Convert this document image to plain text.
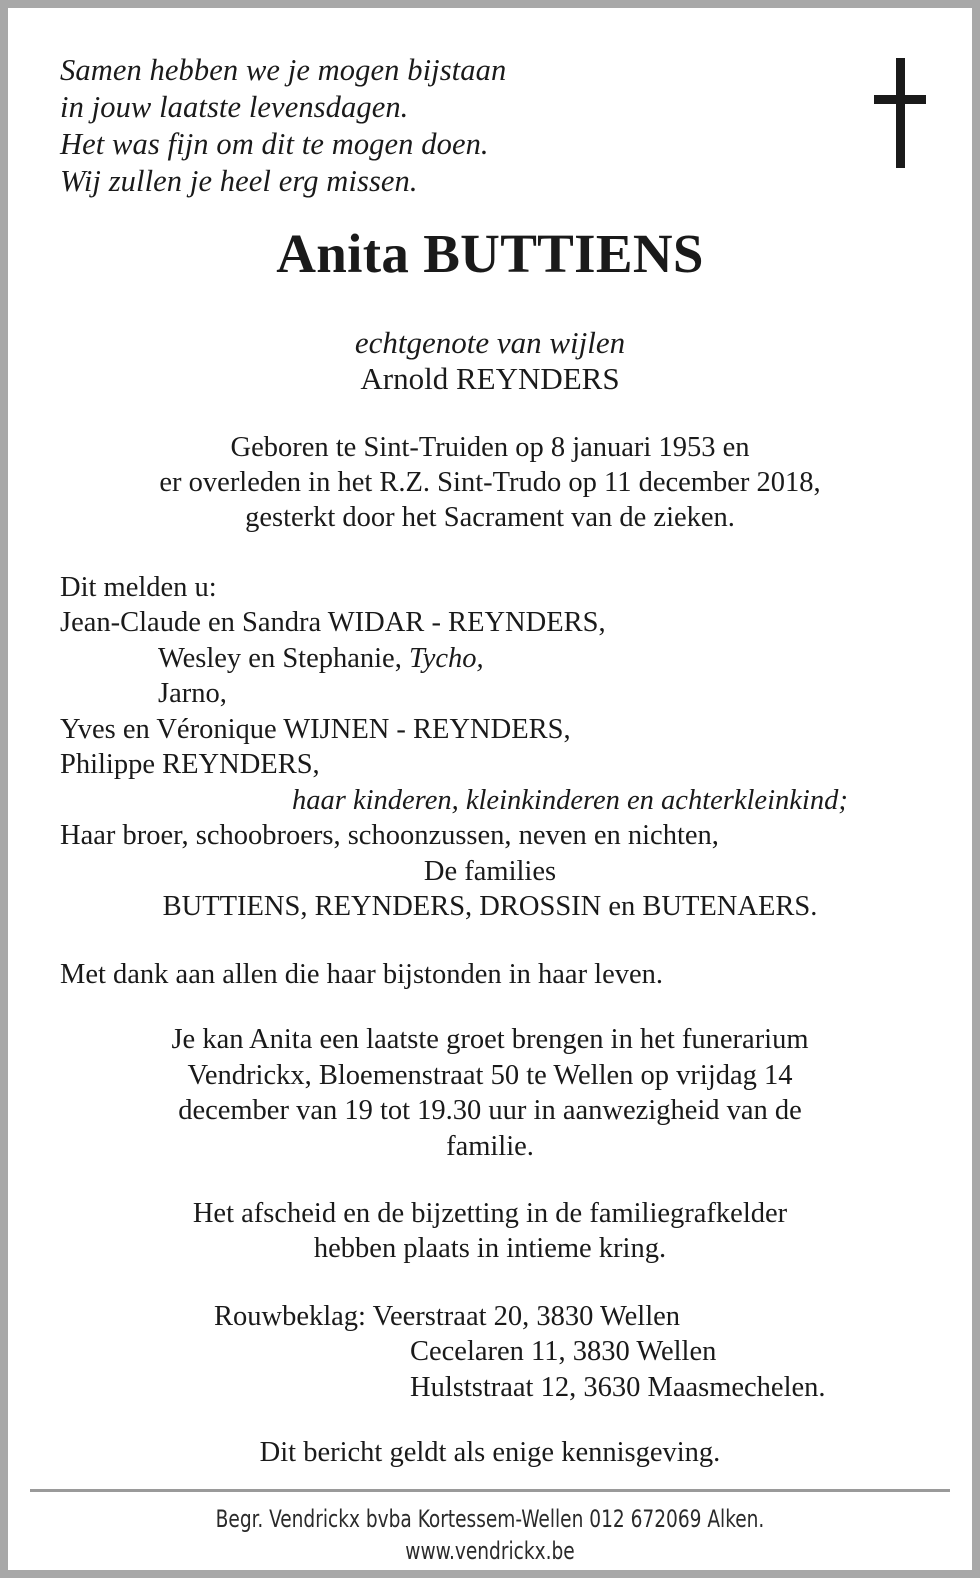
Samen hebben we je mogen bijstaan in jouw laatste levensdagen. Het was fijn om dit te mogen doen. Wij zullen je heel erg missen.
Anita BUTTIENS
echtgenote van wijlen
Arnold REYNDERS
Geboren te Sint-Truiden op 8 januari 1953 en
er overleden in het R.Z. Sint-Trudo op 11 december 2018,
gesterkt door het Sacrament van de zieken.
Dit melden u:
Jean-Claude en Sandra WIDAR - REYNDERS,
Wesley en Stephanie, Tycho,
Jarno,
Yves en Véronique WIJNEN - REYNDERS,
Philippe REYNDERS,
haar kinderen, kleinkinderen en achterkleinkind;
Haar broer, schoobroers, schoonzussen, neven en nichten,
De families
BUTTIENS, REYNDERS, DROSSIN en BUTENAERS.
Met dank aan allen die haar bijstonden in haar leven.
Je kan Anita een laatste groet brengen in het funerarium
Vendrickx, Bloemenstraat 50 te Wellen op vrijdag 14
december van 19 tot 19.30 uur in aanwezigheid van de
familie.
Het afscheid en de bijzetting in de familiegrafkelder
hebben plaats in intieme kring.
Rouwbeklag: Veerstraat 20, 3830 Wellen
Cecelaren 11, 3830 Wellen
Hulststraat 12, 3630 Maasmechelen.
Dit bericht geldt als enige kennisgeving.
Begr. Vendrickx bvba Kortessem-Wellen 012 672069 Alken.
www.vendrickx.be
